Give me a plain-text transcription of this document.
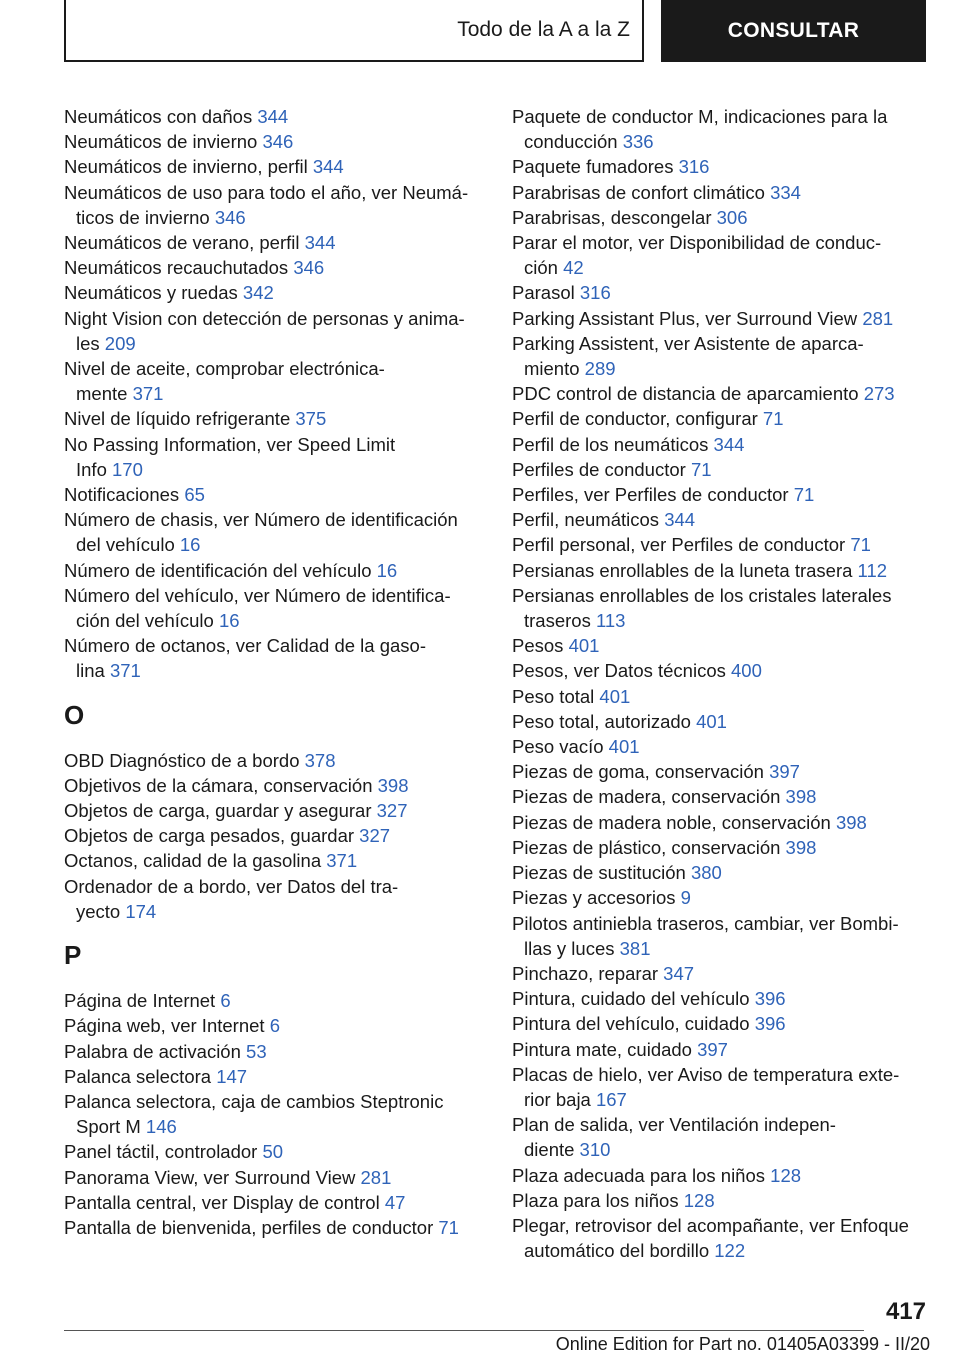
Todo de la A a la Z	CONSULTAR
Neumáticos con daños 344
Neumáticos de invierno 346
Neumáticos de invierno, perfil 344
Neumáticos de uso para todo el año, ver Neumá‐
ticos de invierno 346
Neumáticos de verano, perfil 344
Neumáticos recauchutados 346
Neumáticos y ruedas 342
Night Vision con detección de personas y anima‐
les 209
Nivel de aceite, comprobar electrónica‐
mente 371
Nivel de líquido refrigerante 375
No Passing Information, ver Speed Limit
Info 170
Notificaciones 65
Número de chasis, ver Número de identificación
del vehículo 16
Número de identificación del vehículo 16
Número del vehículo, ver Número de identifica‐
ción del vehículo 16
Número de octanos, ver Calidad de la gaso‐
lina 371
O
OBD Diagnóstico de a bordo 378
Objetivos de la cámara, conservación 398
Objetos de carga, guardar y asegurar 327
Objetos de carga pesados, guardar 327
Octanos, calidad de la gasolina 371
Ordenador de a bordo, ver Datos del tra‐
yecto 174
P
Página de Internet 6
Página web, ver Internet 6
Palabra de activación 53
Palanca selectora 147
Palanca selectora, caja de cambios Steptronic
Sport M 146
Panel táctil, controlador 50
Panorama View, ver Surround View 281
Pantalla central, ver Display de control 47
Pantalla de bienvenida, perfiles de conductor 71
Paquete de conductor M, indicaciones para la
conducción 336
Paquete fumadores 316
Parabrisas de confort climático 334
Parabrisas, descongelar 306
Parar el motor, ver Disponibilidad de conduc‐
ción 42
Parasol 316
Parking Assistant Plus, ver Surround View 281
Parking Assistent, ver Asistente de aparca‐
miento 289
PDC control de distancia de aparcamiento 273
Perfil de conductor, configurar 71
Perfil de los neumáticos 344
Perfiles de conductor 71
Perfiles, ver Perfiles de conductor 71
Perfil, neumáticos 344
Perfil personal, ver Perfiles de conductor 71
Persianas enrollables de la luneta trasera 112
Persianas enrollables de los cristales laterales
traseros 113
Pesos 401
Pesos, ver Datos técnicos 400
Peso total 401
Peso total, autorizado 401
Peso vacío 401
Piezas de goma, conservación 397
Piezas de madera, conservación 398
Piezas de madera noble, conservación 398
Piezas de plástico, conservación 398
Piezas de sustitución 380
Piezas y accesorios 9
Pilotos antiniebla traseros, cambiar, ver Bombi‐
llas y luces 381
Pinchazo, reparar 347
Pintura, cuidado del vehículo 396
Pintura del vehículo, cuidado 396
Pintura mate, cuidado 397
Placas de hielo, ver Aviso de temperatura exte‐
rior baja 167
Plan de salida, ver Ventilación indepen‐
diente 310
Plaza adecuada para los niños 128
Plaza para los niños 128
Plegar, retrovisor del acompañante, ver Enfoque
automático del bordillo 122
417
Online Edition for Part no. 01405A03399 - II/20
